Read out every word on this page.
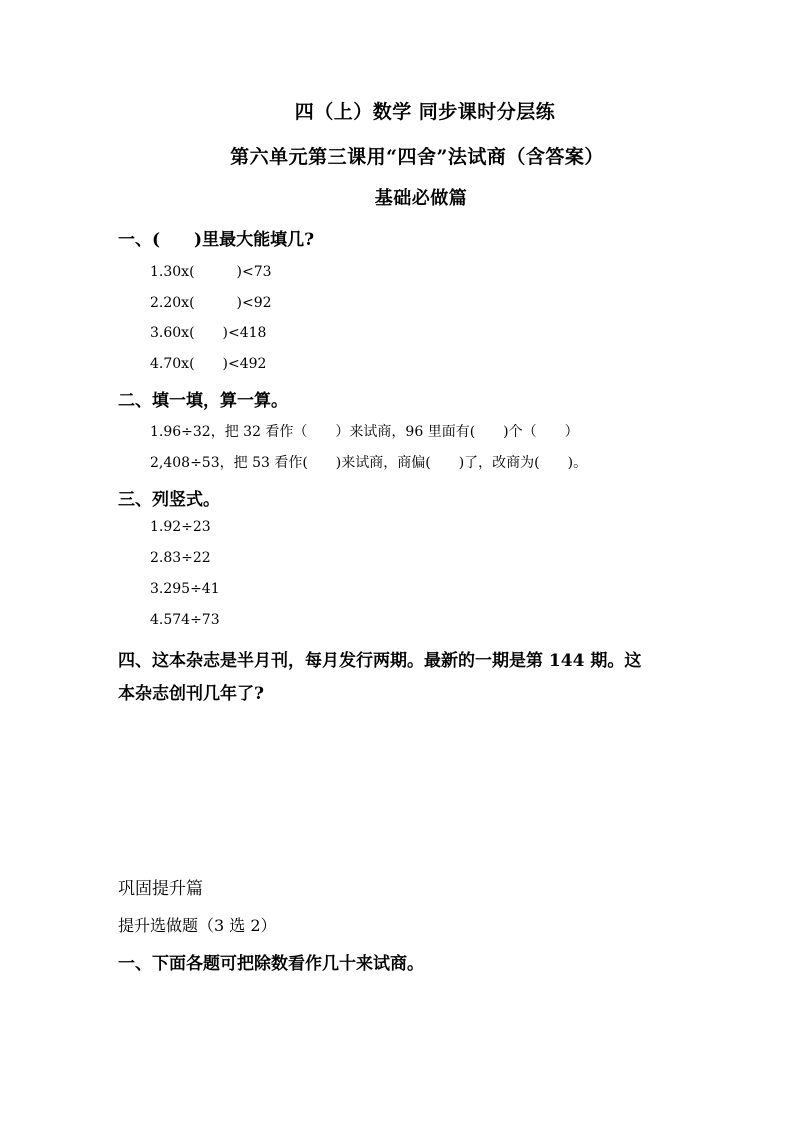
四（上）数学 同步课时分层练
第六单元第三课用“四舍”法试商（含答案）
基础必做篇
一、(　　)里最大能填几?
1.30x(　　　)<73
2.20x(　　　)<92
3.60x(　　)<418
4.70x(　　)<492
二、填一填，算一算。
1.96÷32，把 32 看作（　　）来试商，96 里面有(　　)个（　　）
2,408÷53，把 53 看作(　　)来试商，商偏(　　)了，改商为(　　)。
三、列竖式。
1.92÷23
2.83÷22
3.295÷41
4.574÷73
四、这本杂志是半月刊，每月发行两期。最新的一期是第 144 期。这
本杂志创刊几年了?
巩固提升篇
提升选做题（3 选 2）
一、下面各题可把除数看作几十来试商。
